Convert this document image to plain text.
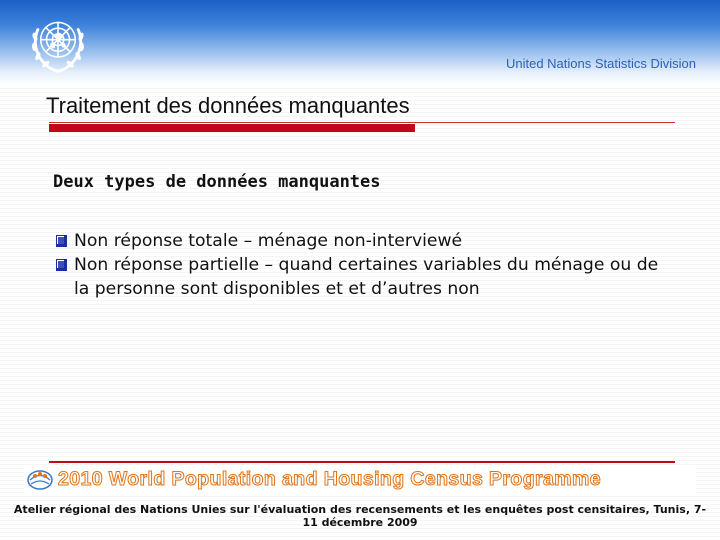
United Nations Statistics Division
Traitement des données manquantes
Deux types de données manquantes
Non réponse totale – ménage non-interviewé
Non réponse partielle – quand certaines variables du ménage ou de la personne sont disponibles et et d’autres non
2010 World Population and Housing Census Programme
Atelier régional des Nations Unies sur l'évaluation des recensements et les enquêtes post censitaires, Tunis, 7-11 décembre 2009
